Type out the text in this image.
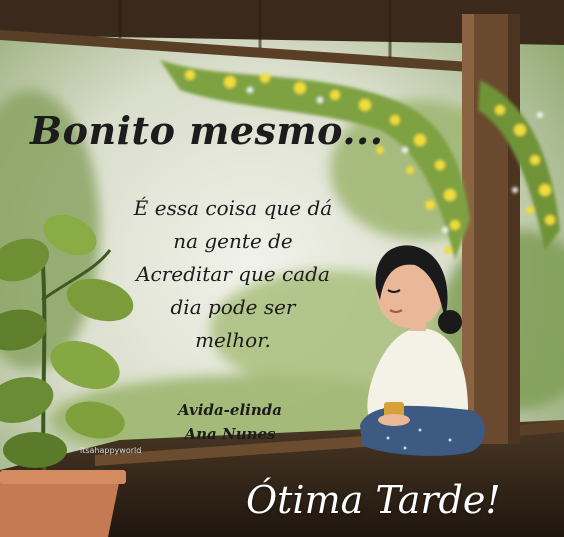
Bonito mesmo...
É essa coisa que dá
na gente de
Acreditar que cada
dia pode ser
melhor.
Avida-elinda
Ana Nunes
itsahappyworld
Ótima Tarde!
